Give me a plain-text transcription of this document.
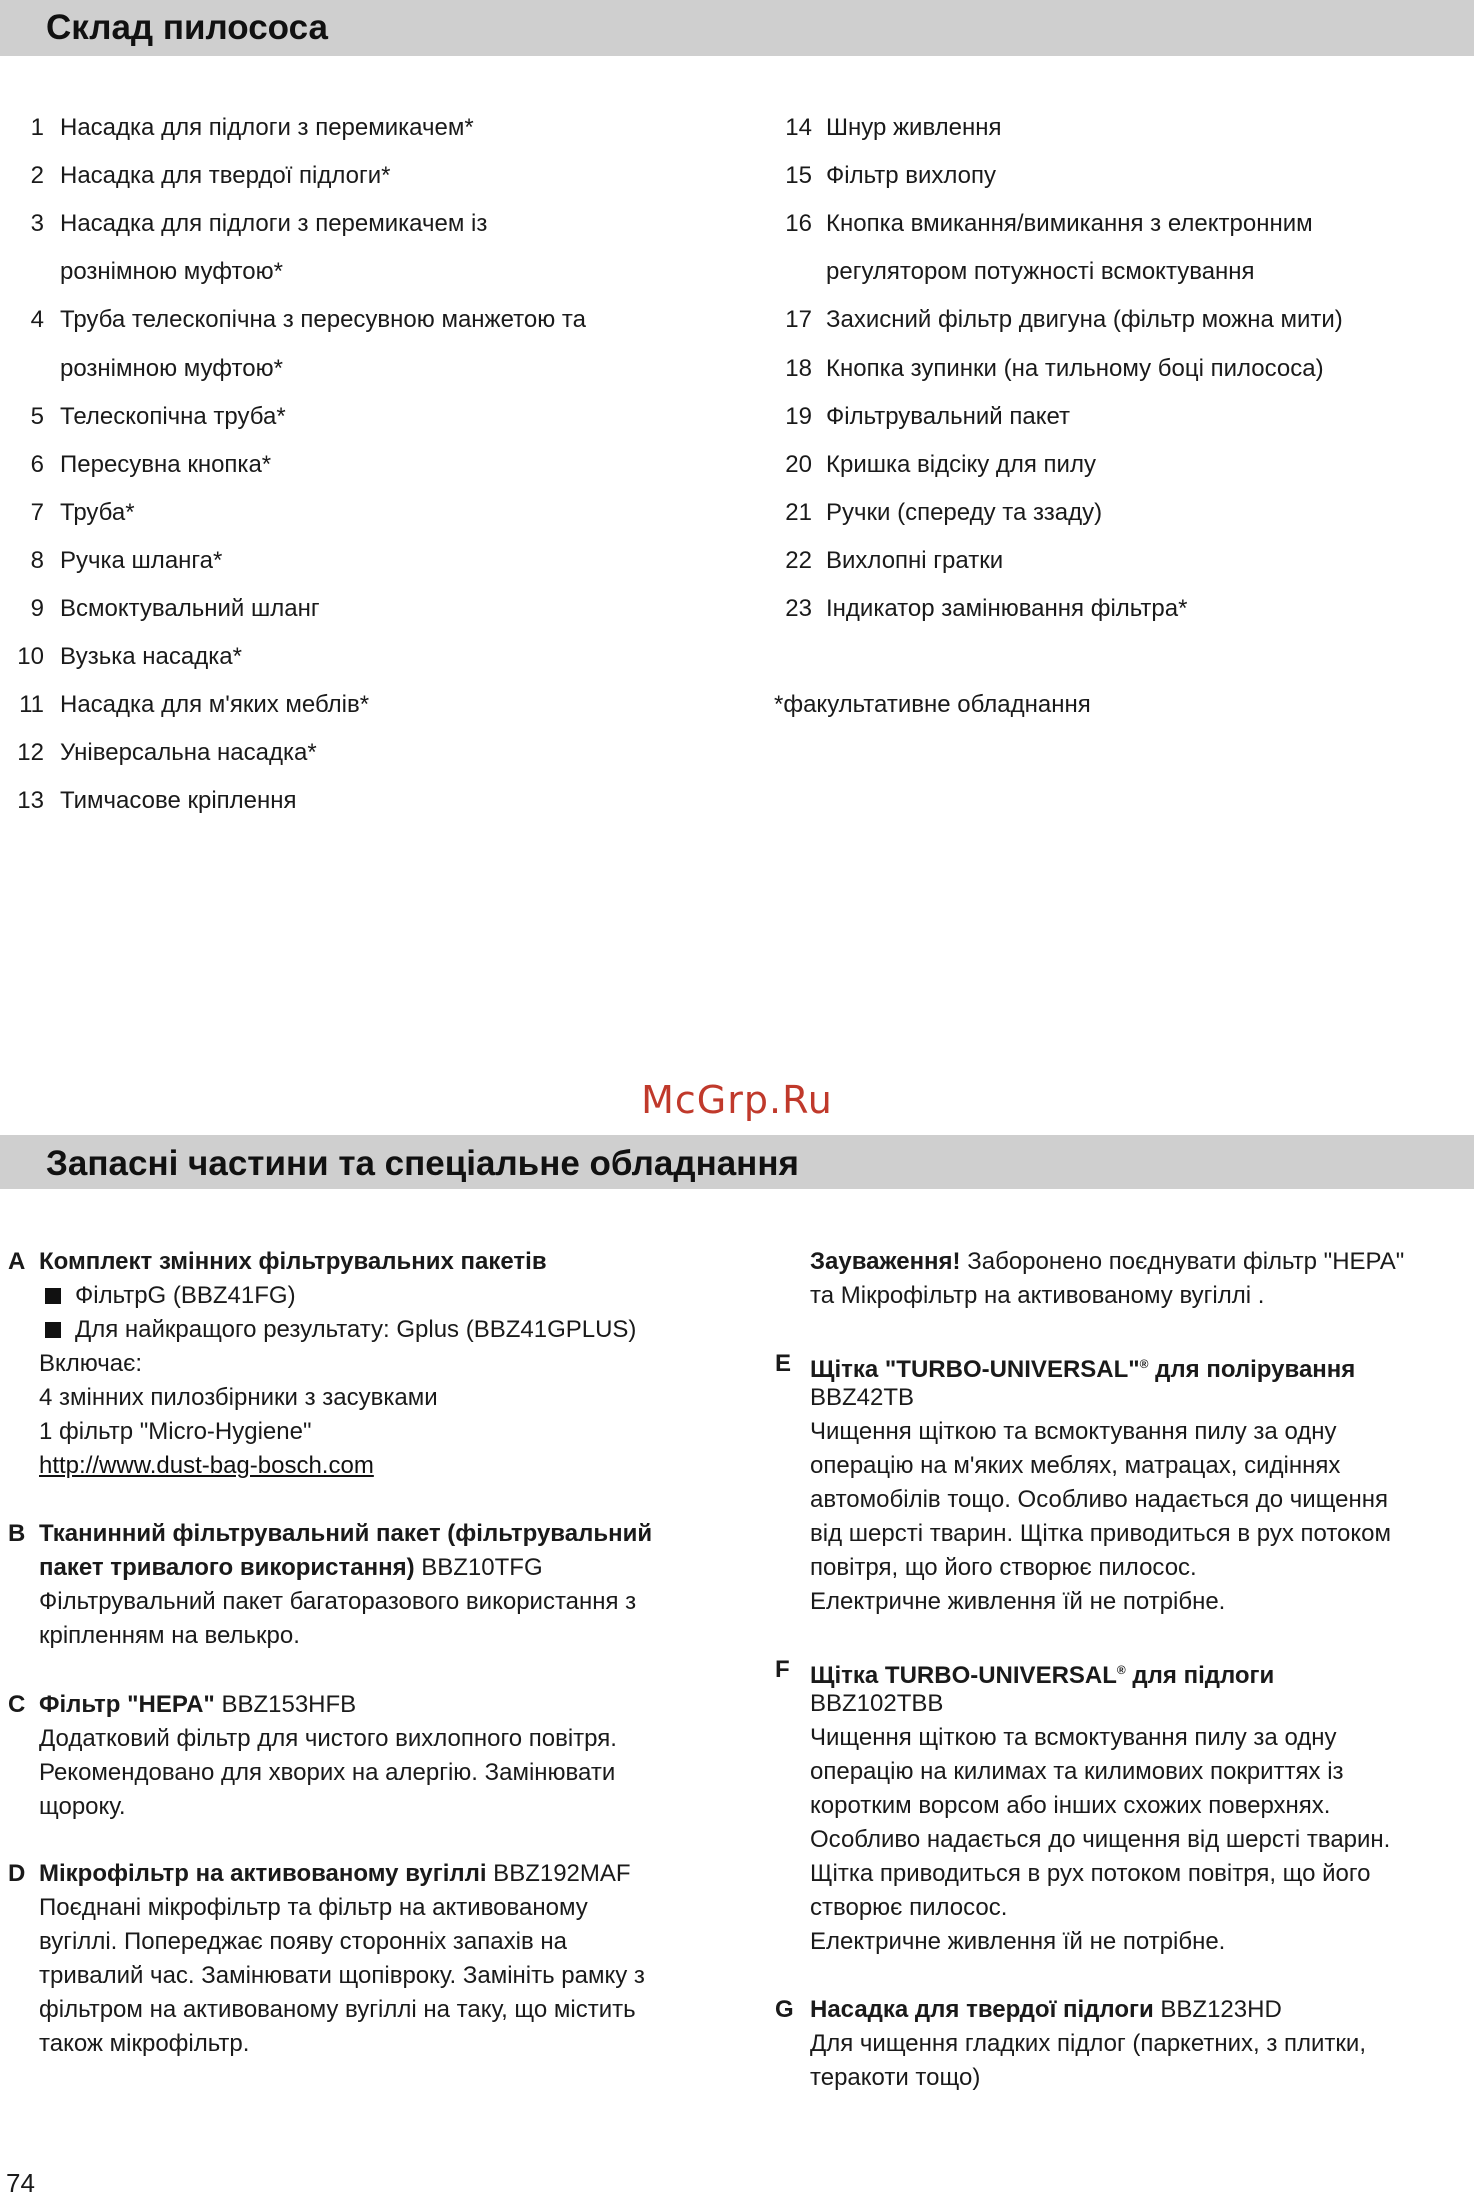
Склад пилососа
1 Насадка для підлоги з перемикачем*
2 Насадка для твердої підлоги*
3 Насадка для підлоги з перемикачем із
рознімною муфтою*
4 Труба телескопічна з пересувною манжетою та
рознімною муфтою*
5 Телескопічна труба*
6 Пересувна кнопка*
7 Труба*
8 Ручка шланга*
9 Всмоктувальний шланг
10 Вузька насадка*
11 Насадка для м'яких меблів*
12 Універсальна насадка*
13 Тимчасове кріплення
14 Шнур живлення
15 Фільтр вихлопу
16 Кнопка вмикання/вимикання з електронним
регулятором потужності всмоктування
17 Захисний фільтр двигуна (фільтр можна мити)
18 Кнопка зупинки (на тильному боці пилососа)
19 Фільтрувальний пакет
20 Кришка відсіку для пилу
21 Ручки (спереду та ззаду)
22 Вихлопні гратки
23 Індикатор замінювання фільтра*
*факультативне обладнання
McGrp.Ru
Запасні частини та спеціальне обладнання
A Комплект змінних фільтрувальних пакетів
ФільтрG (BBZ41FG)
Для найкращого результату: Gplus (BBZ41GPLUS)
Включає:
4 змінних пилозбірники з засувками
1 фільтр "Micro-Hygiene"
http://www.dust-bag-bosch.com
B Тканинний фільтрувальний пакет (фільтрувальний
пакет тривалого використання) BBZ10TFG
Фільтрувальний пакет багаторазового використання з
кріпленням на велькро.
C Фільтр "HEPA" BBZ153HFB
Додатковий фільтр для чистого вихлопного повітря.
Рекомендовано для хворих на алергію. Замінювати
щороку.
D Мікрофільтр на активованому вугіллі BBZ192MAF
Поєднані мікрофільтр та фільтр на активованому
вугіллі. Попереджає появу сторонніх запахів на
тривалий час. Замінювати щопівроку. Замініть рамку з
фільтром на активованому вугіллі на таку, що містить
також мікрофільтр.
Зауваження! Заборонено поєднувати фільтр "HEPA"
та Мікрофільтр на активованому вугіллі .
E Щітка "TURBO-UNIVERSAL"® для полірування
BBZ42TB
Чищення щіткою та всмоктування пилу за одну
операцію на м'яких меблях, матрацах, сидіннях
автомобілів тощо. Особливо надається до чищення
від шерсті тварин. Щітка приводиться в рух потоком
повітря, що його створює пилосос.
Електричне живлення їй не потрібне.
F Щітка TURBO-UNIVERSAL® для підлоги
BBZ102TBB
Чищення щіткою та всмоктування пилу за одну
операцію на килимах та килимових покриттях із
коротким ворсом або інших схожих поверхнях.
Особливо надається до чищення від шерсті тварин.
Щітка приводиться в рух потоком повітря, що його
створює пилосос.
Електричне живлення їй не потрібне.
G Насадка для твердої підлоги BBZ123HD
Для чищення гладких підлог (паркетних, з плитки,
теракоти тощо)
74
